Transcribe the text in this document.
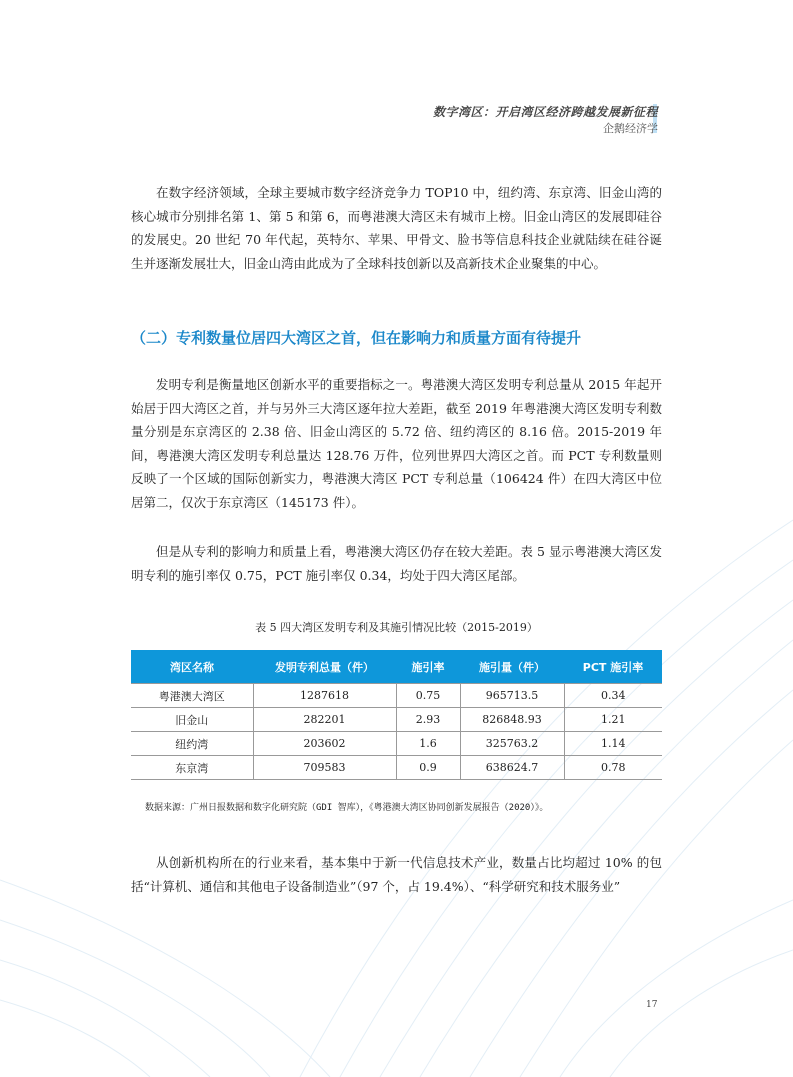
数字湾区：开启湾区经济跨越发展新征程
企鹅经济学

在数字经济领域，全球主要城市数字经济竞争力 TOP10 中，纽约湾、东京湾、旧金山湾的核心城市分别排名第 1、第 5 和第 6，而粤港澳大湾区未有城市上榜。旧金山湾区的发展即硅谷的发展史。20 世纪 70 年代起，英特尔、苹果、甲骨文、脸书等信息科技企业就陆续在硅谷诞生并逐渐发展壮大，旧金山湾由此成为了全球科技创新以及高新技术企业聚集的中心。

（二）专利数量位居四大湾区之首，但在影响力和质量方面有待提升

发明专利是衡量地区创新水平的重要指标之一。粤港澳大湾区发明专利总量从 2015 年起开始居于四大湾区之首，并与另外三大湾区逐年拉大差距，截至 2019 年粤港澳大湾区发明专利数量分别是东京湾区的 2.38 倍、旧金山湾区的 5.72 倍、纽约湾区的 8.16 倍。2015-2019 年间，粤港澳大湾区发明专利总量达 128.76 万件，位列世界四大湾区之首。而 PCT 专利数量则反映了一个区域的国际创新实力，粤港澳大湾区 PCT 专利总量（106424 件）在四大湾区中位居第二，仅次于东京湾区（145173 件）。

但是从专利的影响力和质量上看，粤港澳大湾区仍存在较大差距。表 5 显示粤港澳大湾区发明专利的施引率仅 0.75，PCT 施引率仅 0.34，均处于四大湾区尾部。

表 5 四大湾区发明专利及其施引情况比较（2015-2019）
湾区名称	发明专利总量（件）	施引率	施引量（件）	PCT 施引率
粤港澳大湾区	1287618	0.75	965713.5	0.34
旧金山	282201	2.93	826848.93	1.21
纽约湾	203602	1.6	325763.2	1.14
东京湾	709583	0.9	638624.7	0.78
数据来源：广州日报数据和数字化研究院（GDI 智库），《粤港澳大湾区协同创新发展报告（2020）》。

从创新机构所在的行业来看，基本集中于新一代信息技术产业，数量占比均超过 10% 的包括“计算机、通信和其他电子设备制造业”（97 个，占 19.4%）、“科学研究和技术服务业”

17
